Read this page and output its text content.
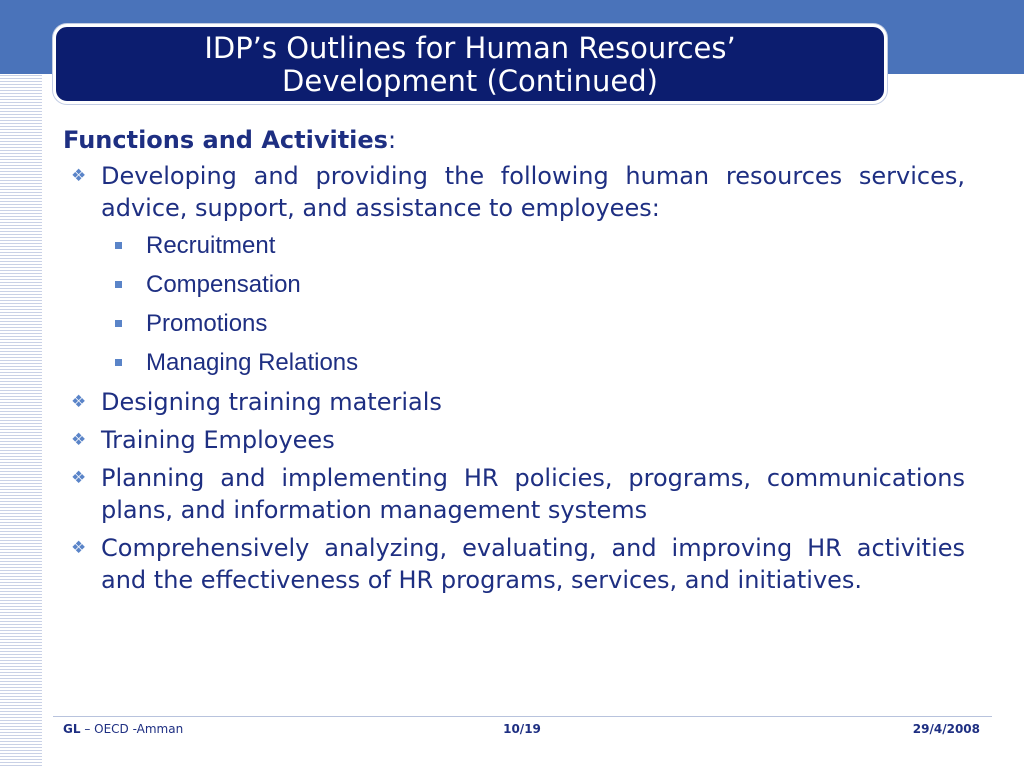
IDP’s Outlines for Human Resources’
Development (Continued)
Functions and Activities:
❖ Developing and providing the following human resources services, advice, support, and assistance to employees:
Recruitment
Compensation
Promotions
Managing Relations
❖ Designing training materials
❖ Training Employees
❖ Planning and implementing HR policies, programs, communications plans, and information management systems
❖ Comprehensively analyzing, evaluating, and improving HR activities and the effectiveness of HR programs, services, and initiatives.
GL – OECD -Amman	10/19	29/4/2008
